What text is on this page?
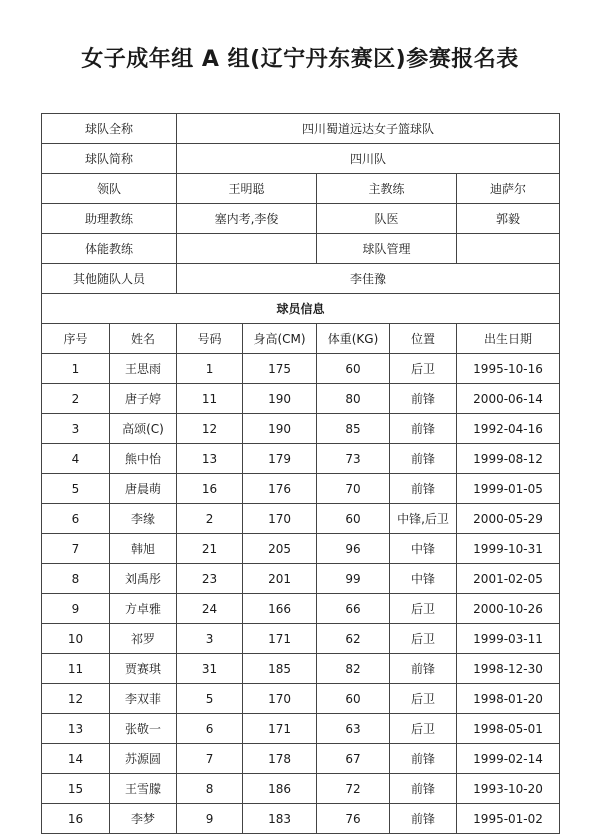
女子成年组 A 组(辽宁丹东赛区)参赛报名表
球队全称		四川蜀道远达女子篮球队				
球队简称		四川队				
领队		王明聪		主教练		迪萨尔
助理教练		塞内考,李俊		队医		郭毅
体能教练				球队管理		
其他随队人员		李佳豫				
球员信息						
序号	姓名	号码	身高(CM)	体重(KG)	位置	出生日期
1	王思雨	1	175	60	后卫	1995-10-16
2	唐子婷	11	190	80	前锋	2000-06-14
3	高颂(C)	12	190	85	前锋	1992-04-16
4	熊中怡	13	179	73	前锋	1999-08-12
5	唐晨萌	16	176	70	前锋	1999-01-05
6	李缘	2	170	60	中锋,后卫	2000-05-29
7	韩旭	21	205	96	中锋	1999-10-31
8	刘禹彤	23	201	99	中锋	2001-02-05
9	方卓雅	24	166	66	后卫	2000-10-26
10	祁罗	3	171	62	后卫	1999-03-11
11	贾赛琪	31	185	82	前锋	1998-12-30
12	李双菲	5	170	60	后卫	1998-01-20
13	张敬一	6	171	63	后卫	1998-05-01
14	苏源圆	7	178	67	前锋	1999-02-14
15	王雪朦	8	186	72	前锋	1993-10-20
16	李梦	9	183	76	前锋	1995-01-02
